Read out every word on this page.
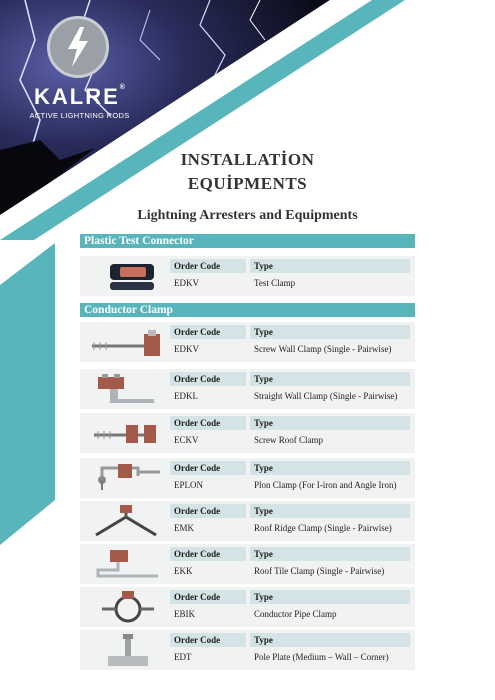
KALRE®
ACTIVE LIGHTNING RODS
INSTALLATİON
EQUİPMENTS
Lightning Arresters and Equipments
Plastic Test Connector
Order Code	Type
EDKV	Test Clamp
Conductor Clamp
Order Code	Type
EDKV	Screw Wall Clamp (Single - Pairwise)
Order Code	Type
EDKL	Straight Wall Clamp (Single - Pairwise)
Order Code	Type
ECKV	Screw Roof Clamp
Order Code	Type
EPLON	Plon Clamp (For I-iron and Angle Iron)
Order Code	Type
EMK	Roof Ridge Clamp (Single - Pairwise)
Order Code	Type
EKK	Roof Tile Clamp (Single - Pairwise)
Order Code	Type
EBIK	Conductor Pipe Clamp
Order Code	Type
EDT	Pole Plate (Medium – Wall – Corner)
